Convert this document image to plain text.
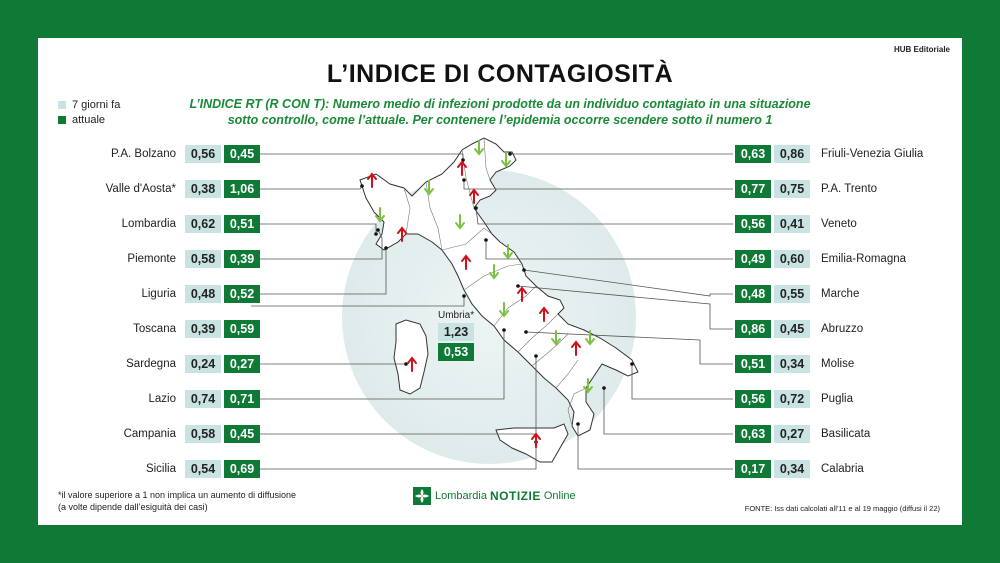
HUB Editoriale
L’INDICE DI CONTAGIOSITÀ
7 giorni fa
attuale
L’INDICE RT (R CON T): Numero medio di infezioni prodotte da un individuo contagiato in una situazione
sotto controllo, come l’attuale. Per contenere l’epidemia occorre scendere sotto il numero 1
Umbria*
1,23
0,53
*il valore superiore a 1 non implica un aumento di diffusione
(a volte dipende dall’esiguità dei casi)
Lombardia NOTIZIE Online
FONTE: Iss dati calcolati all’11 e al 19 maggio (diffusi il 22)
P.A. Bolzano	0,56	0,45
Valle d'Aosta*	0,38	1,06
Lombardia	0,62	0,51
Piemonte	0,58	0,39
Liguria	0,48	0,52
Toscana	0,39	0,59
Sardegna	0,24	0,27
Lazio	0,74	0,71
Campania	0,58	0,45
Sicilia	0,54	0,69
0,63	0,86	Friuli-Venezia Giulia
0,77	0,75	P.A. Trento
0,56	0,41	Veneto
0,49	0,60	Emilia-Romagna
0,48	0,55	Marche
0,86	0,45	Abruzzo
0,51	0,34	Molise
0,56	0,72	Puglia
0,63	0,27	Basilicata
0,17	0,34	Calabria
